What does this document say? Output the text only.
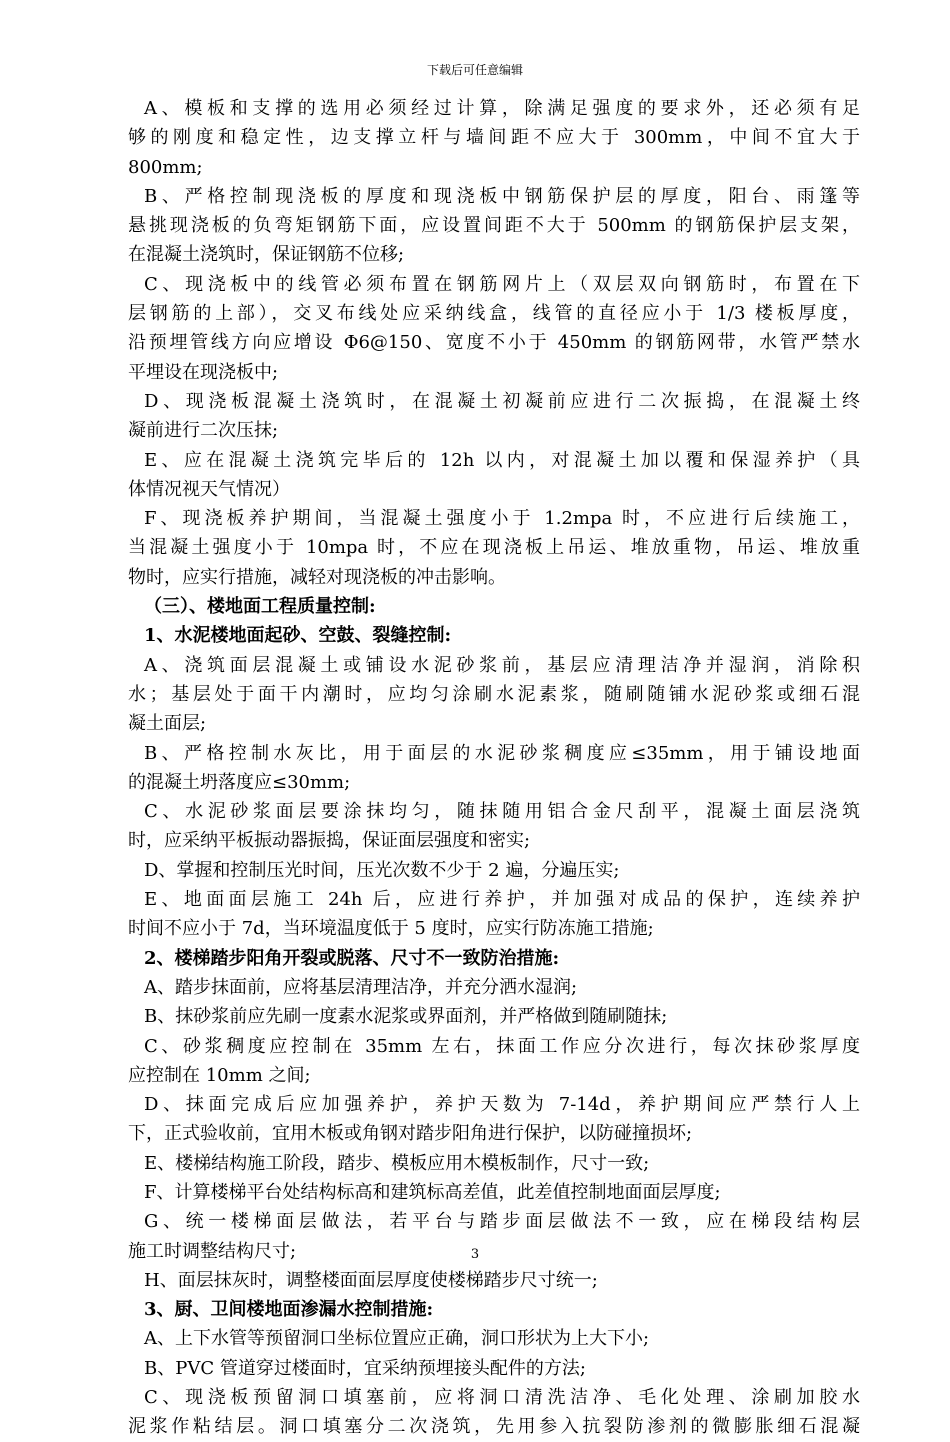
下载后可任意编辑
A、模板和支撑的选用必须经过计算，除满足强度的要求外，还必须有足
够的刚度和稳定性，边支撑立杆与墙间距不应大于 300mm，中间不宜大于
800mm;
B、严格控制现浇板的厚度和现浇板中钢筋保护层的厚度，阳台、雨篷等
悬挑现浇板的负弯矩钢筋下面，应设置间距不大于 500mm 的钢筋保护层支架，
在混凝土浇筑时，保证钢筋不位移;
C、现浇板中的线管必须布置在钢筋网片上（双层双向钢筋时，布置在下
层钢筋的上部），交叉布线处应采纳线盒，线管的直径应小于 1/3 楼板厚度，
沿预埋管线方向应增设 Φ6@150、宽度不小于 450mm 的钢筋网带，水管严禁水
平埋设在现浇板中;
D、现浇板混凝土浇筑时，在混凝土初凝前应进行二次振捣，在混凝土终
凝前进行二次压抹;
E、应在混凝土浇筑完毕后的 12h 以内，对混凝土加以覆和保湿养护（具
体情况视天气情况）
F、现浇板养护期间，当混凝土强度小于 1.2mpa 时，不应进行后续施工，
当混凝土强度小于 10mpa 时，不应在现浇板上吊运、堆放重物，吊运、堆放重
物时，应实行措施，减轻对现浇板的冲击影响。
（三）、楼地面工程质量控制:
1、水泥楼地面起砂、空鼓、裂缝控制:
A、浇筑面层混凝土或铺设水泥砂浆前，基层应清理洁净并湿润，消除积
水；基层处于面干内潮时，应均匀涂刷水泥素浆，随刷随铺水泥砂浆或细石混
凝土面层;
B、严格控制水灰比，用于面层的水泥砂浆稠度应≤35mm，用于铺设地面
的混凝土坍落度应≤30mm;
C、水泥砂浆面层要涂抹均匀，随抹随用铝合金尺刮平，混凝土面层浇筑
时，应采纳平板振动器振捣，保证面层强度和密实;
D、掌握和控制压光时间，压光次数不少于 2 遍，分遍压实;
E、地面面层施工 24h 后，应进行养护，并加强对成品的保护，连续养护
时间不应小于 7d，当环境温度低于 5 度时，应实行防冻施工措施;
2、楼梯踏步阳角开裂或脱落、尺寸不一致防治措施:
A、踏步抹面前，应将基层清理洁净，并充分洒水湿润;
B、抹砂浆前应先刷一度素水泥浆或界面剂，并严格做到随刷随抹;
C、砂浆稠度应控制在 35mm 左右，抹面工作应分次进行，每次抹砂浆厚度
应控制在 10mm 之间;
D、抹面完成后应加强养护，养护天数为 7-14d，养护期间应严禁行人上
下，正式验收前，宜用木板或角钢对踏步阳角进行保护，以防碰撞损坏;
E、楼梯结构施工阶段，踏步、模板应用木模板制作，尺寸一致;
F、计算楼梯平台处结构标高和建筑标高差值，此差值控制地面面层厚度;
G、统一楼梯面层做法，若平台与踏步面层做法不一致，应在梯段结构层
施工时调整结构尺寸;
H、面层抹灰时，调整楼面面层厚度使楼梯踏步尺寸统一;
3、厨、卫间楼地面渗漏水控制措施:
A、上下水管等预留洞口坐标位置应正确，洞口形状为上大下小;
B、PVC 管道穿过楼面时，宜采纳预埋接头配件的方法;
C、现浇板预留洞口填塞前，应将洞口清洗洁净、毛化处理、涂刷加胶水
泥浆作粘结层。洞口填塞分二次浇筑，先用参入抗裂防渗剂的微膨胀细石混凝
3
